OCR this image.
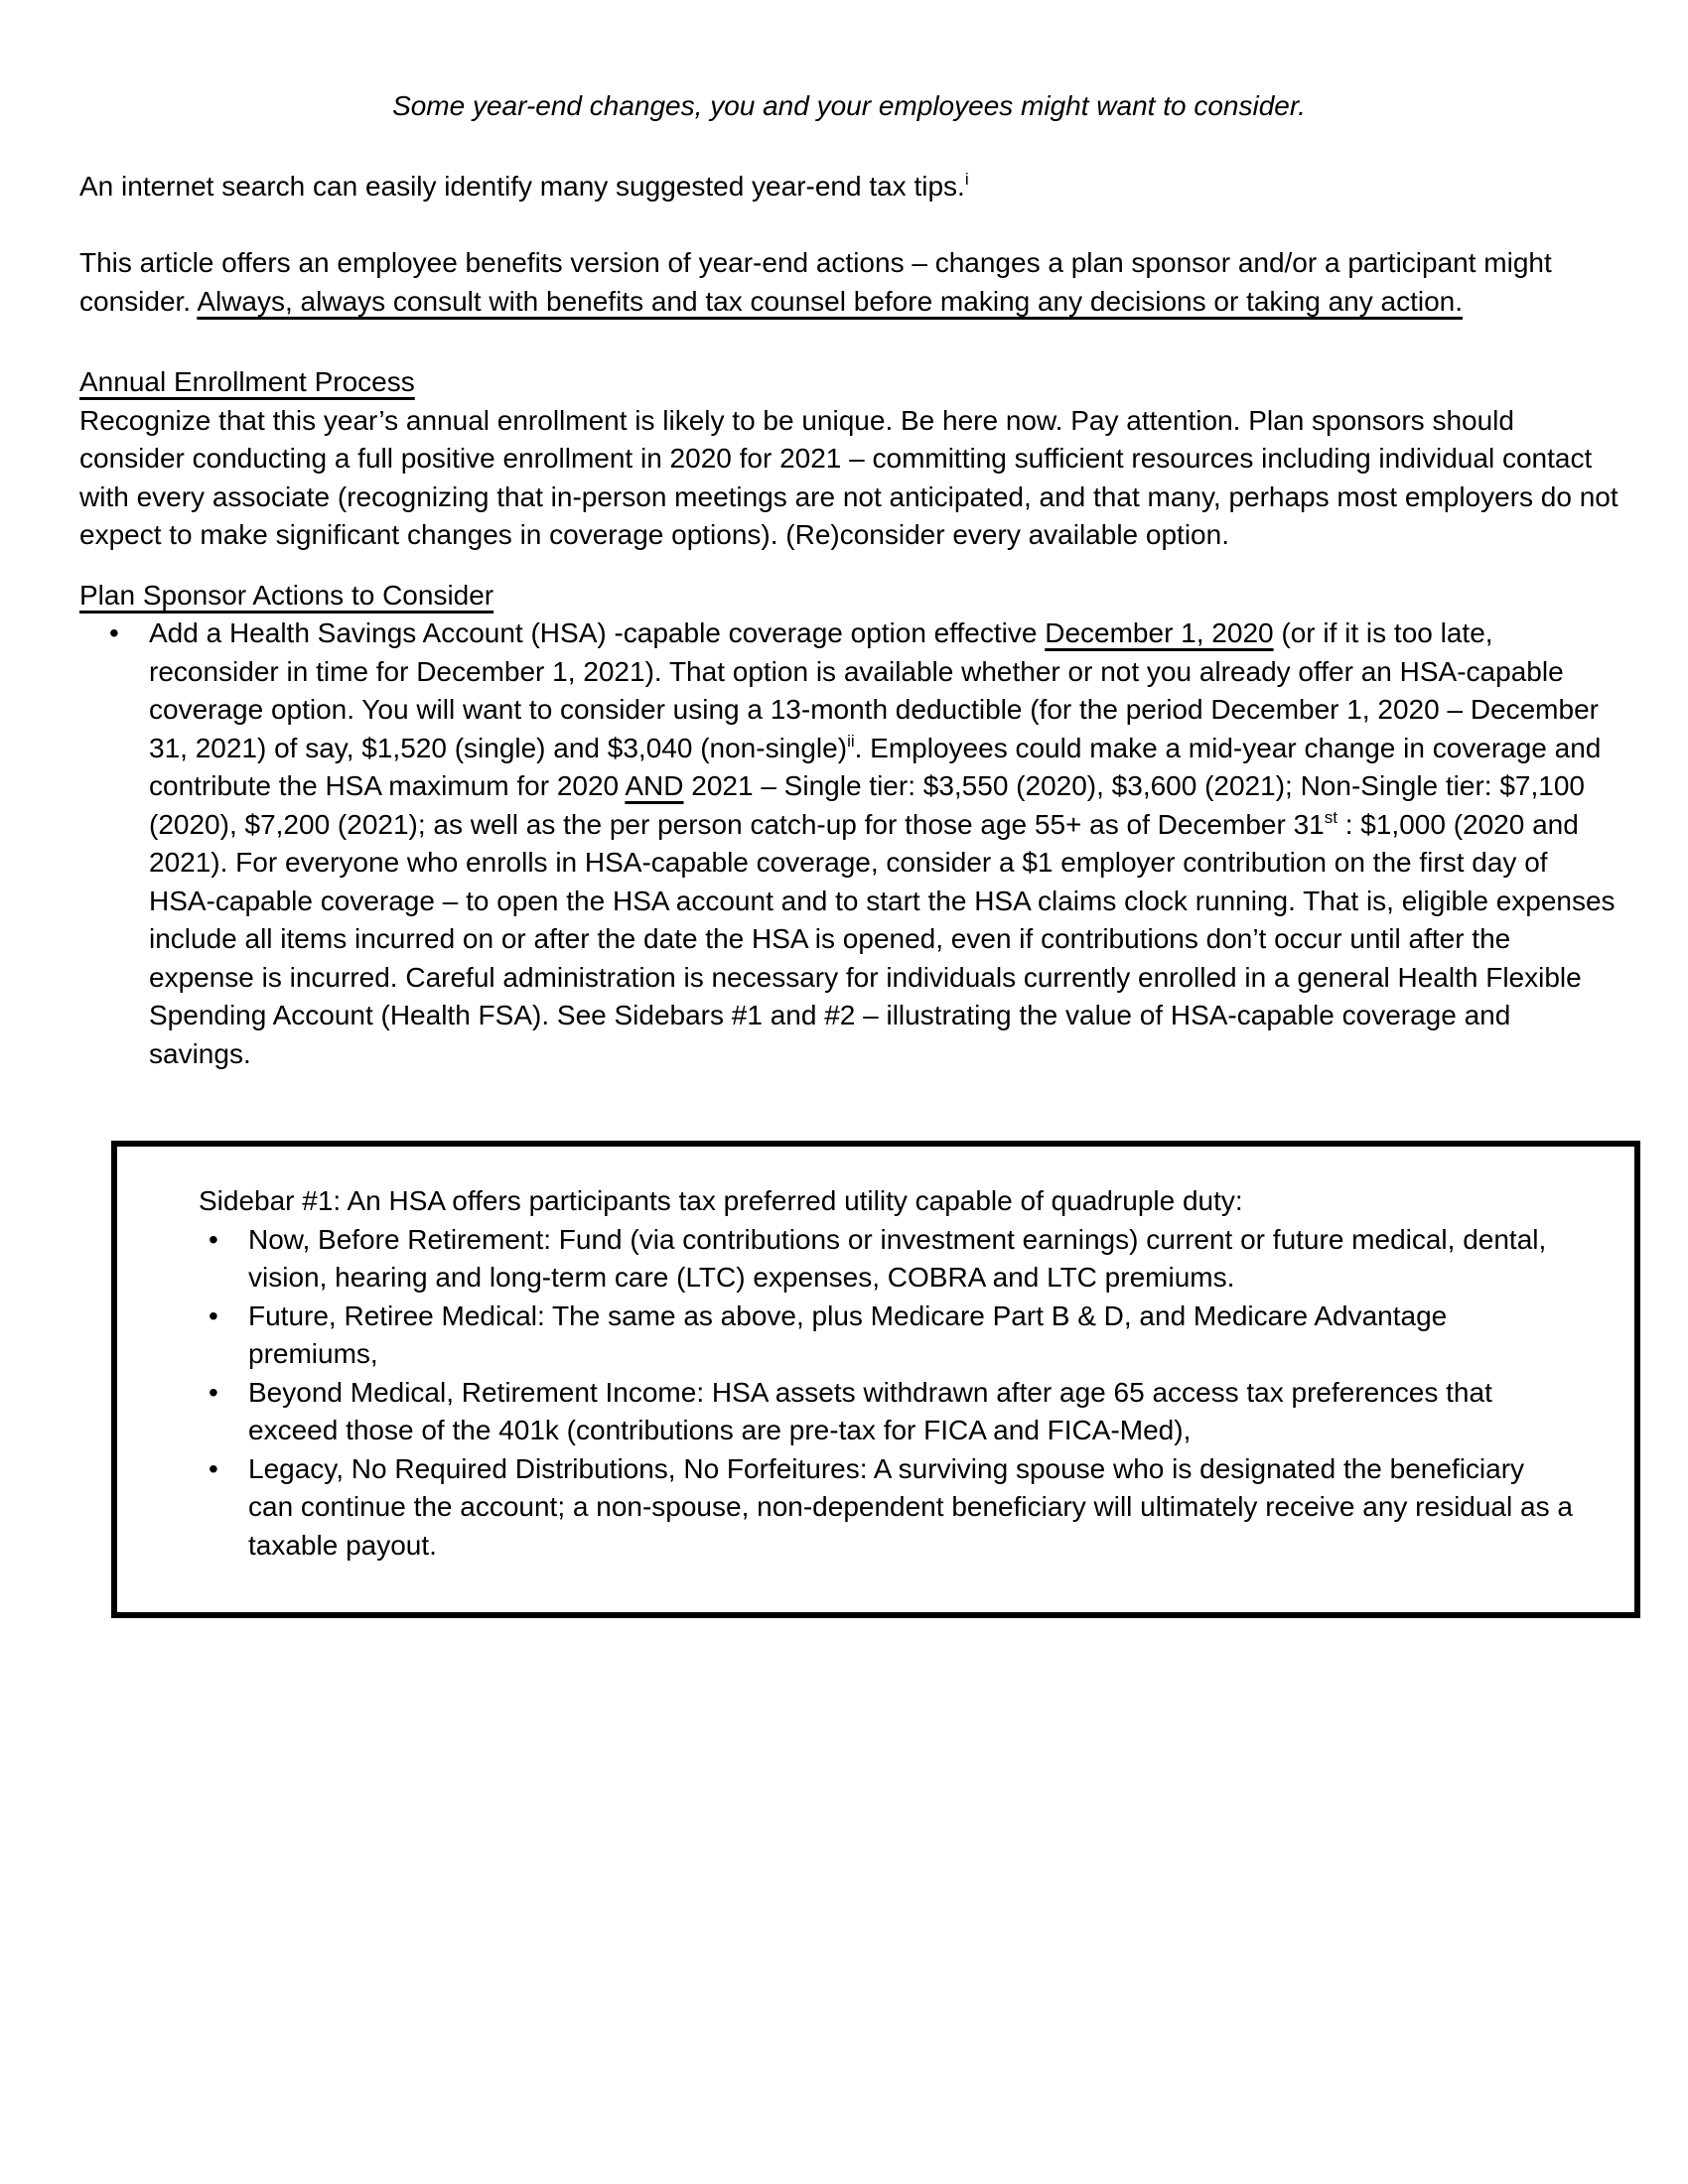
Some year-end changes, you and your employees might want to consider.

An internet search can easily identify many suggested year-end tax tips.$^i$

This article offers an employee benefits version of year-end actions – changes a plan sponsor and/or a participant might consider. Always, always consult with benefits and tax counsel before making any decisions or taking any action.

Annual Enrollment Process

Recognize that this year’s annual enrollment is likely to be unique. Be here now. Pay attention. Plan sponsors should consider conducting a full positive enrollment in 2020 for 2021 – committing sufficient resources including individual contact with every associate (recognizing that in-person meetings are not anticipated, and that many, perhaps most employers do not expect to make significant changes in coverage options). (Re)consider every available option.

Plan Sponsor Actions to Consider

• Add a Health Savings Account (HSA) -capable coverage option effective December 1, 2020 (or if it is too late, reconsider in time for December 1, 2021). That option is available whether or not you already offer an HSA-capable coverage option. You will want to consider using a 13-month deductible (for the period December 1, 2020 – December 31, 2021) of say, $1,520 (single) and $3,040 (non-single)$^{ii}$. Employees could make a mid-year change in coverage and contribute the HSA maximum for 2020 AND 2021 – Single tier: $3,550 (2020), $3,600 (2021); Non-Single tier: $7,100 (2020), $7,200 (2021); as well as the per person catch-up for those age 55+ as of December 31st : $1,000 (2020 and 2021). For everyone who enrolls in HSA-capable coverage, consider a $1 employer contribution on the first day of HSA-capable coverage – to open the HSA account and to start the HSA claims clock running. That is, eligible expenses include all items incurred on or after the date the HSA is opened, even if contributions don’t occur until after the expense is incurred. Careful administration is necessary for individuals currently enrolled in a general Health Flexible Spending Account (Health FSA). See Sidebars #1 and #2 – illustrating the value of HSA-capable coverage and savings.

Sidebar #1: An HSA offers participants tax preferred utility capable of quadruple duty:

• Now, Before Retirement: Fund (via contributions or investment earnings) current or future medical, dental, vision, hearing and long-term care (LTC) expenses, COBRA and LTC premiums.
• Future, Retiree Medical: The same as above, plus Medicare Part B & D, and Medicare Advantage premiums,
• Beyond Medical, Retirement Income: HSA assets withdrawn after age 65 access tax preferences that exceed those of the 401k (contributions are pre-tax for FICA and FICA-Med),
• Legacy, No Required Distributions, No Forfeitures: A surviving spouse who is designated the beneficiary can continue the account; a non-spouse, non-dependent beneficiary will ultimately receive any residual as a taxable payout.
